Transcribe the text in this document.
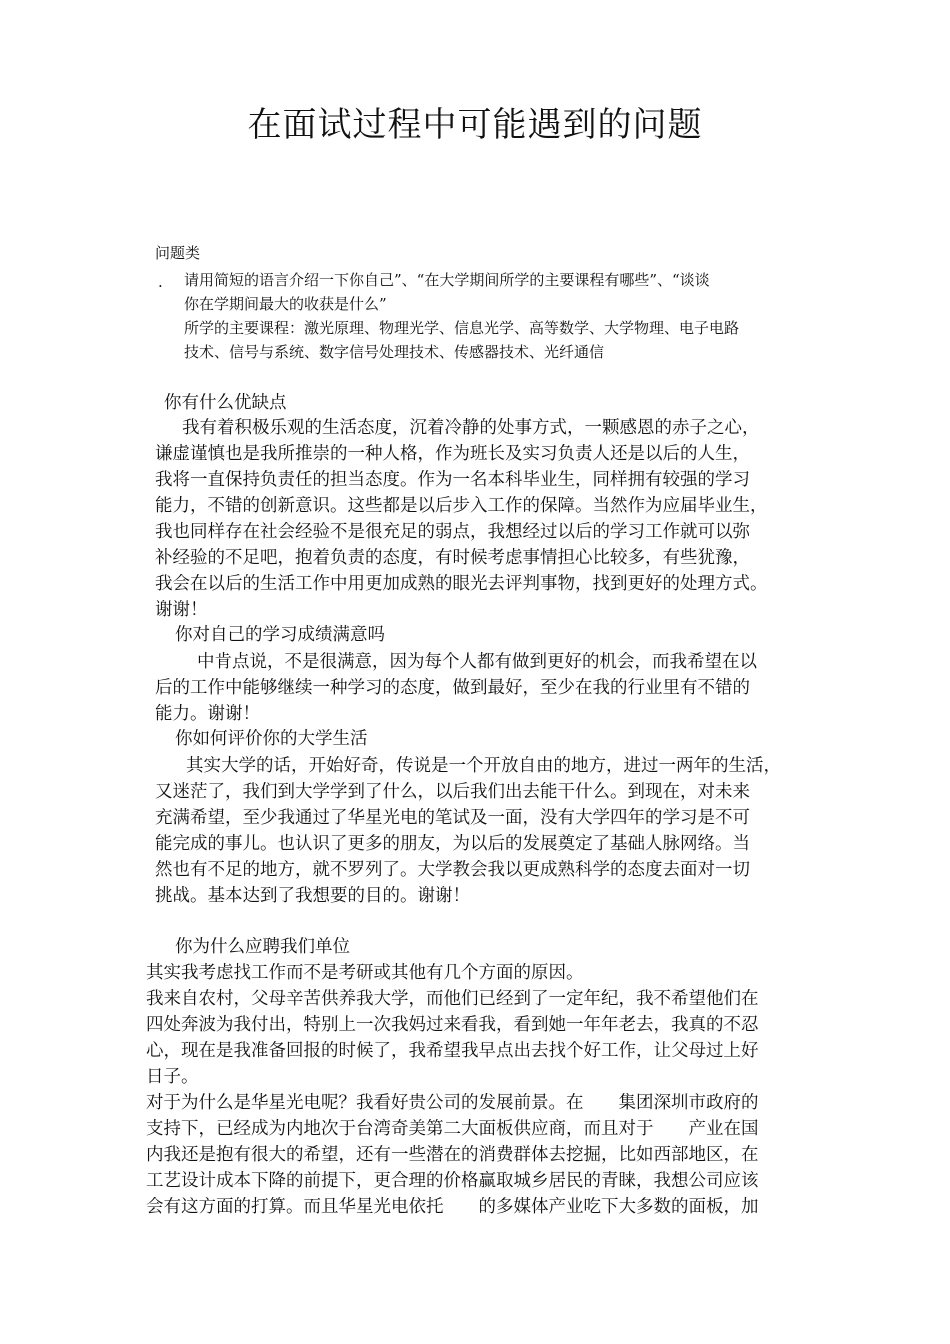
在面试过程中可能遇到的问题
问题类
. 请用简短的语言介绍一下你自己”、“在大学期间所学的主要课程有哪些”、“谈谈
你在学期间最大的收获是什么”
所学的主要课程：激光原理、物理光学、信息光学、高等数学、大学物理、电子电路
技术、信号与系统、数字信号处理技术、传感器技术、光纤通信
你有什么优缺点
我有着积极乐观的生活态度，沉着冷静的处事方式，一颗感恩的赤子之心，
谦虚谨慎也是我所推崇的一种人格，作为班长及实习负责人还是以后的人生，
我将一直保持负责任的担当态度。作为一名本科毕业生，同样拥有较强的学习
能力，不错的创新意识。这些都是以后步入工作的保障。当然作为应届毕业生，
我也同样存在社会经验不是很充足的弱点，我想经过以后的学习工作就可以弥
补经验的不足吧，抱着负责的态度，有时候考虑事情担心比较多，有些犹豫，
我会在以后的生活工作中用更加成熟的眼光去评判事物，找到更好的处理方式。
谢谢！
你对自己的学习成绩满意吗
中肯点说，不是很满意，因为每个人都有做到更好的机会，而我希望在以
后的工作中能够继续一种学习的态度，做到最好，至少在我的行业里有不错的
能力。谢谢！
你如何评价你的大学生活
其实大学的话，开始好奇，传说是一个开放自由的地方，进过一两年的生活，
又迷茫了，我们到大学学到了什么，以后我们出去能干什么。到现在，对未来
充满希望，至少我通过了华星光电的笔试及一面，没有大学四年的学习是不可
能完成的事儿。也认识了更多的朋友，为以后的发展奠定了基础人脉网络。当
然也有不足的地方，就不罗列了。大学教会我以更成熟科学的态度去面对一切
挑战。基本达到了我想要的目的。谢谢！
你为什么应聘我们单位
其实我考虑找工作而不是考研或其他有几个方面的原因。
我来自农村，父母辛苦供养我大学，而他们已经到了一定年纪，我不希望他们在
四处奔波为我付出，特别上一次我妈过来看我，看到她一年年老去，我真的不忍
心，现在是我准备回报的时候了，我希望我早点出去找个好工作，让父母过上好
日子。
对于为什么是华星光电呢？我看好贵公司的发展前景。在　　集团深圳市政府的
支持下，已经成为内地次于台湾奇美第二大面板供应商，而且对于　　产业在国
内我还是抱有很大的希望，还有一些潜在的消费群体去挖掘，比如西部地区，在
工艺设计成本下降的前提下，更合理的价格赢取城乡居民的青睐，我想公司应该
会有这方面的打算。而且华星光电依托　　的多媒体产业吃下大多数的面板，加
